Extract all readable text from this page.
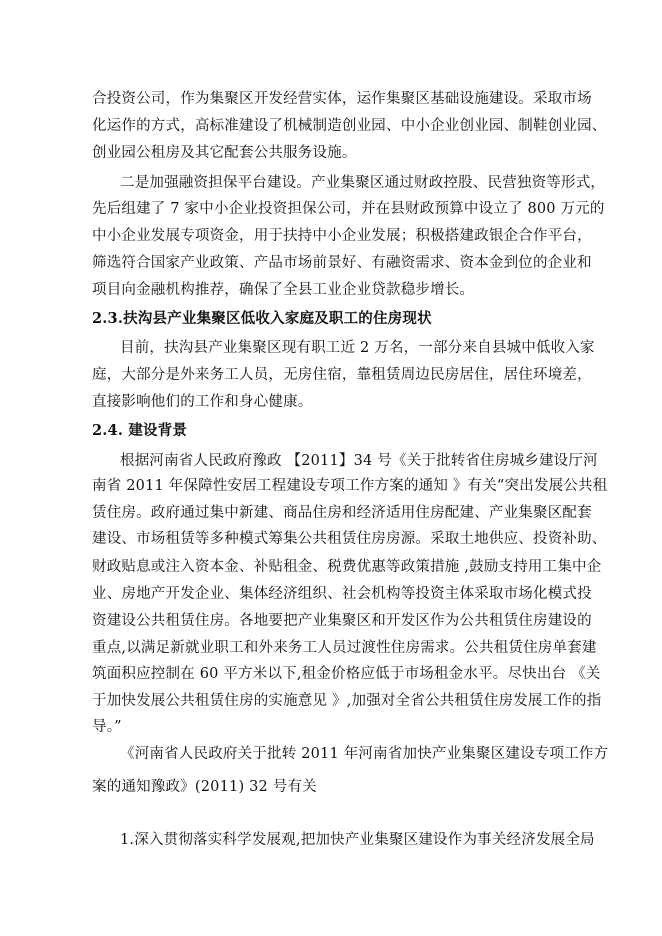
合投资公司，作为集聚区开发经营实体，运作集聚区基础设施建设。采取市场
化运作的方式，高标准建设了机械制造创业园、中小企业创业园、制鞋创业园、
创业园公租房及其它配套公共服务设施。
二是加强融资担保平台建设。产业集聚区通过财政控股、民营独资等形式，
先后组建了 7 家中小企业投资担保公司，并在县财政预算中设立了 800 万元的
中小企业发展专项资金，用于扶持中小企业发展；积极搭建政银企合作平台，
筛选符合国家产业政策、产品市场前景好、有融资需求、资本金到位的企业和
项目向金融机构推荐，确保了全县工业企业贷款稳步增长。
2.3.扶沟县产业集聚区低收入家庭及职工的住房现状
目前，扶沟县产业集聚区现有职工近 2 万名，一部分来自县城中低收入家
庭，大部分是外来务工人员，无房住宿，靠租赁周边民房居住，居住环境差，
直接影响他们的工作和身心健康。
2.4. 建设背景
根据河南省人民政府豫政 【2011】34 号《关于批转省住房城乡建设厅河
南省 2011 年保障性安居工程建设专项工作方案的通知 》有关“突出发展公共租
赁住房。政府通过集中新建、商品住房和经济适用住房配建、产业集聚区配套
建设、市场租赁等多种模式筹集公共租赁住房房源。采取土地供应、投资补助、
财政贴息或注入资本金、补贴租金、税费优惠等政策措施 ,鼓励支持用工集中企
业、房地产开发企业、集体经济组织、社会机构等投资主体采取市场化模式投
资建设公共租赁住房。各地要把产业集聚区和开发区作为公共租赁住房建设的
重点,以满足新就业职工和外来务工人员过渡性住房需求。公共租赁住房单套建
筑面积应控制在 60 平方米以下,租金价格应低于市场租金水平。尽快出台 《关
于加快发展公共租赁住房的实施意见 》,加强对全省公共租赁住房发展工作的指
导。”
《河南省人民政府关于批转 2011 年河南省加快产业集聚区建设专项工作方
案的通知豫政》(2011) 32 号有关
1.深入贯彻落实科学发展观,把加快产业集聚区建设作为事关经济发展全局
